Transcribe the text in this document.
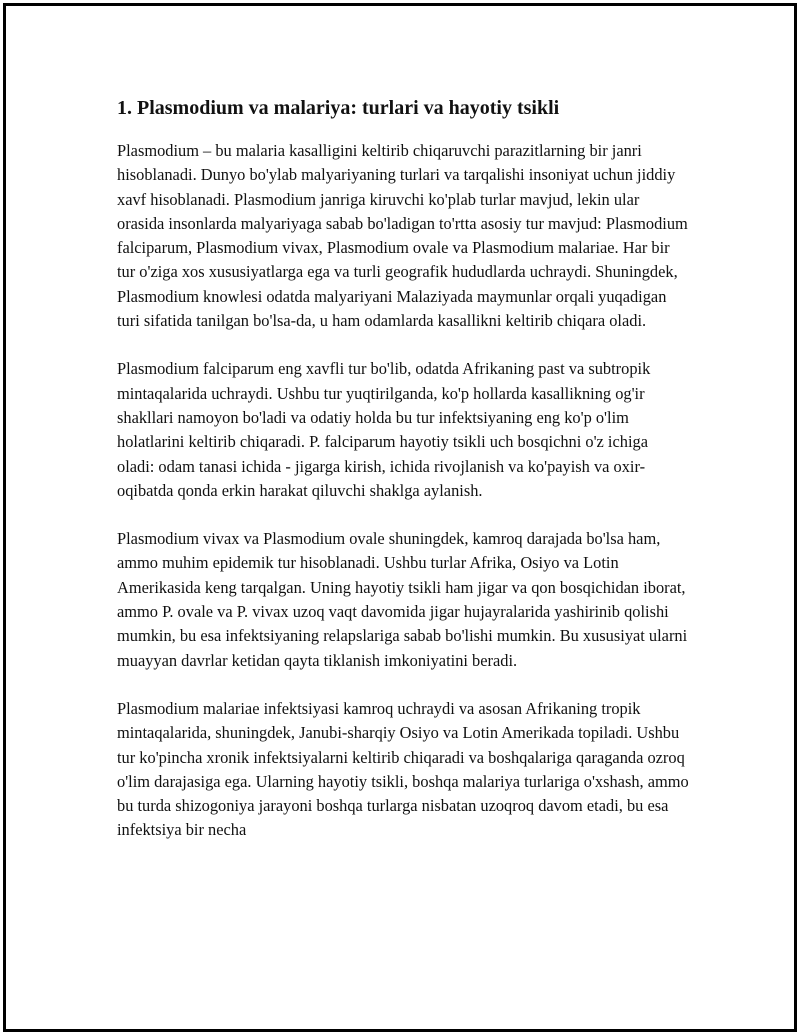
1. Plasmodium va malariya: turlari va hayotiy tsikli

Plasmodium – bu malaria kasalligini keltirib chiqaruvchi parazitlarning bir janri hisoblanadi. Dunyo bo'ylab malyariyaning turlari va tarqalishi insoniyat uchun jiddiy xavf hisoblanadi. Plasmodium janriga kiruvchi ko'plab turlar mavjud, lekin ular orasida insonlarda malyariyaga sabab bo'ladigan to'rtta asosiy tur mavjud: Plasmodium falciparum, Plasmodium vivax, Plasmodium ovale va Plasmodium malariae. Har bir tur o'ziga xos xususiyatlarga ega va turli geografik hududlarda uchraydi. Shuningdek, Plasmodium knowlesi odatda malyariyani Malaziyada maymunlar orqali yuqadigan turi sifatida tanilgan bo'lsa-da, u ham odamlarda kasallikni keltirib chiqara oladi.

Plasmodium falciparum eng xavfli tur bo'lib, odatda Afrikaning past va subtropik mintaqalarida uchraydi. Ushbu tur yuqtirilganda, ko'p hollarda kasallikning og'ir shakllari namoyon bo'ladi va odatiy holda bu tur infektsiyaning eng ko'p o'lim holatlarini keltirib chiqaradi. P. falciparum hayotiy tsikli uch bosqichni o'z ichiga oladi: odam tanasi ichida - jigarga kirish, ichida rivojlanish va ko'payish va oxir-oqibatda qonda erkin harakat qiluvchi shaklga aylanish.

Plasmodium vivax va Plasmodium ovale shuningdek, kamroq darajada bo'lsa ham, ammo muhim epidemik tur hisoblanadi. Ushbu turlar Afrika, Osiyo va Lotin Amerikasida keng tarqalgan. Uning hayotiy tsikli ham jigar va qon bosqichidan iborat, ammo P. ovale va P. vivax uzoq vaqt davomida jigar hujayralarida yashirinib qolishi mumkin, bu esa infektsiyaning relapslariga sabab bo'lishi mumkin. Bu xususiyat ularni muayyan davrlar ketidan qayta tiklanish imkoniyatini beradi.

Plasmodium malariae infektsiyasi kamroq uchraydi va asosan Afrikaning tropik mintaqalarida, shuningdek, Janubi-sharqiy Osiyo va Lotin Amerikada topiladi. Ushbu tur ko'pincha xronik infektsiyalarni keltirib chiqaradi va boshqalariga qaraganda ozroq o'lim darajasiga ega. Ularning hayotiy tsikli, boshqa malariya turlariga o'xshash, ammo bu turda shizogoniya jarayoni boshqa turlarga nisbatan uzoqroq davom etadi, bu esa infektsiya bir necha
